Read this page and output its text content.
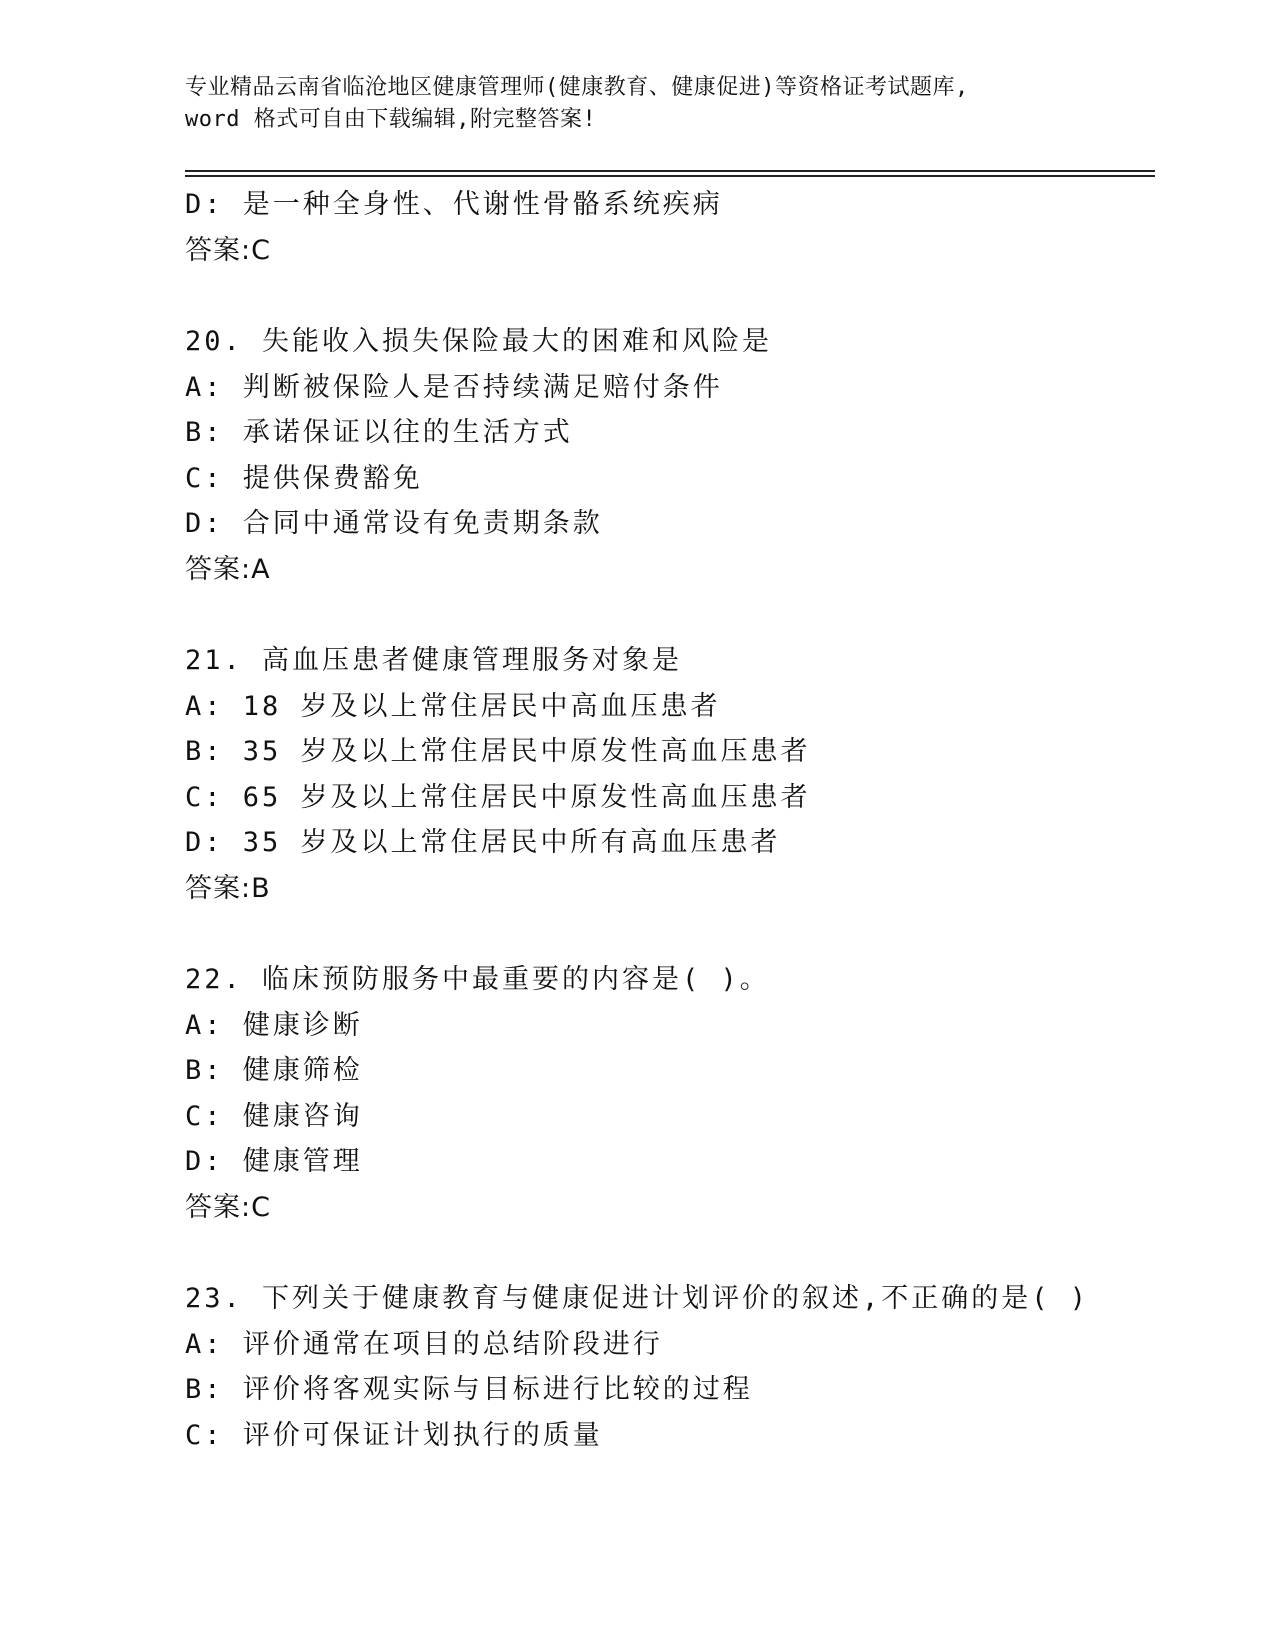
专业精品云南省临沧地区健康管理师(健康教育、健康促进)等资格证考试题库,
word 格式可自由下载编辑,附完整答案!
D: 是一种全身性、代谢性骨骼系统疾病
答案:C
20. 失能收入损失保险最大的困难和风险是
A: 判断被保险人是否持续满足赔付条件
B: 承诺保证以往的生活方式
C: 提供保费豁免
D: 合同中通常设有免责期条款
答案:A
21. 高血压患者健康管理服务对象是
A: 18 岁及以上常住居民中高血压患者
B: 35 岁及以上常住居民中原发性高血压患者
C: 65 岁及以上常住居民中原发性高血压患者
D: 35 岁及以上常住居民中所有高血压患者
答案:B
22. 临床预防服务中最重要的内容是( )。
A: 健康诊断
B: 健康筛检
C: 健康咨询
D: 健康管理
答案:C
23. 下列关于健康教育与健康促进计划评价的叙述,不正确的是( )
A: 评价通常在项目的总结阶段进行
B: 评价将客观实际与目标进行比较的过程
C: 评价可保证计划执行的质量
